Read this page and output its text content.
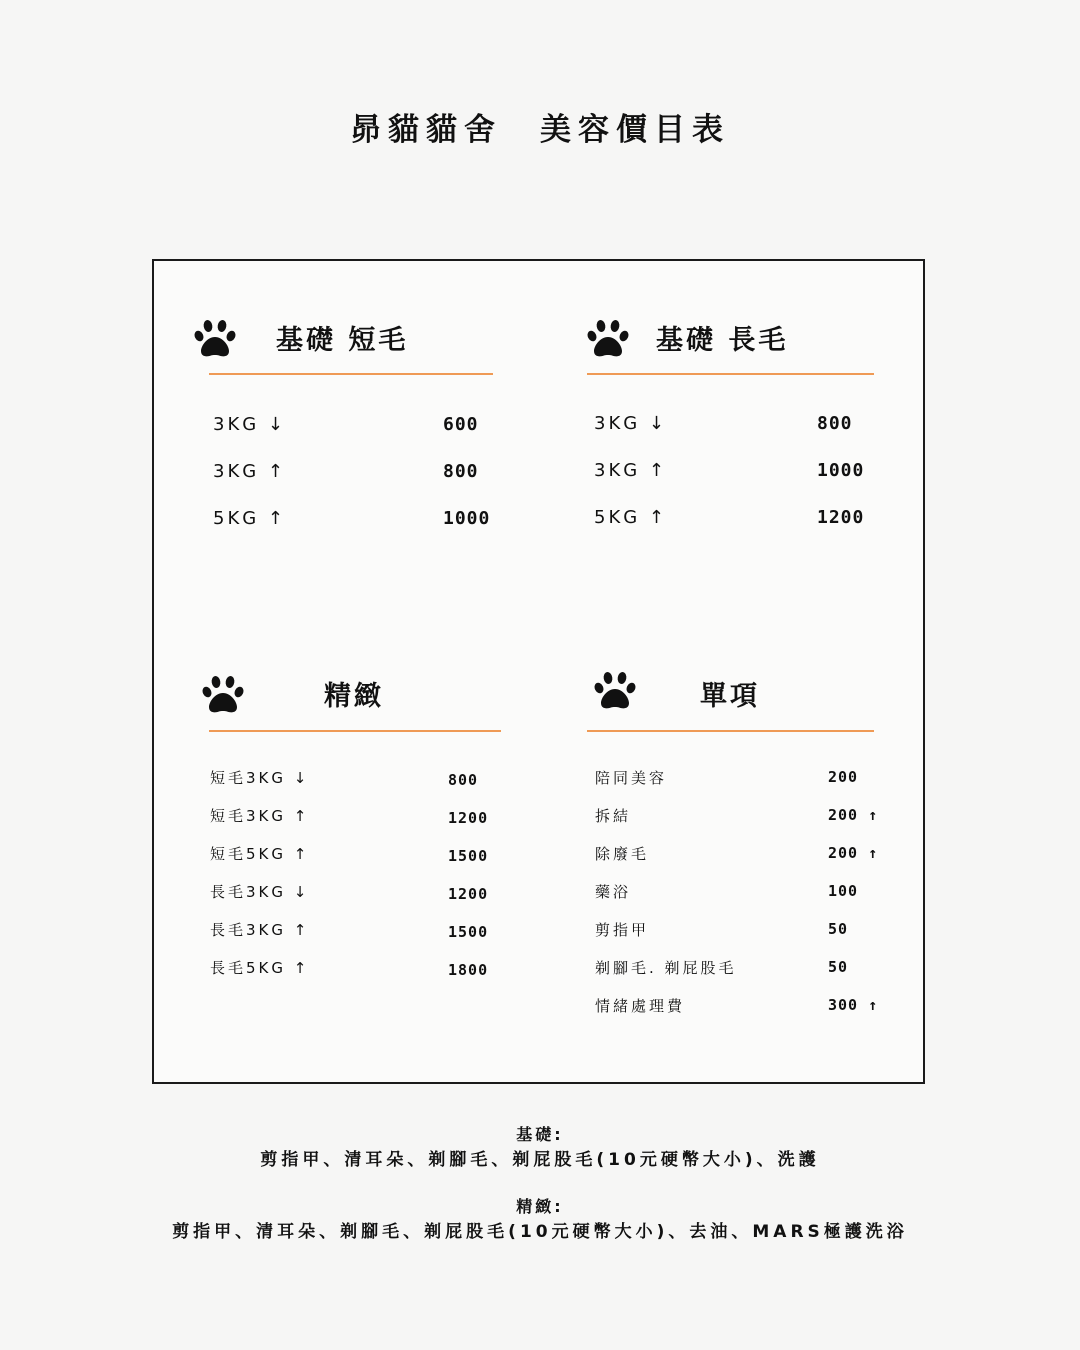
昴貓貓舍　美容價目表
基礎 短毛
3KG ↓	600
3KG ↑	800
5KG ↑	1000
基礎 長毛
3KG ↓	800
3KG ↑	1000
5KG ↑	1200
精緻
短毛3KG ↓	800
短毛3KG ↑	1200
短毛5KG ↑	1500
長毛3KG ↓	1200
長毛3KG ↑	1500
長毛5KG ↑	1800
單項
陪同美容	200
拆結	200 ↑
除廢毛	200 ↑
藥浴	100
剪指甲	50
剃腳毛. 剃屁股毛	50
情緒處理費	300 ↑
基礎:
剪指甲、清耳朵、剃腳毛、剃屁股毛(10元硬幣大小)、洗護
精緻:
剪指甲、清耳朵、剃腳毛、剃屁股毛(10元硬幣大小)、去油、MARS極護洗浴
